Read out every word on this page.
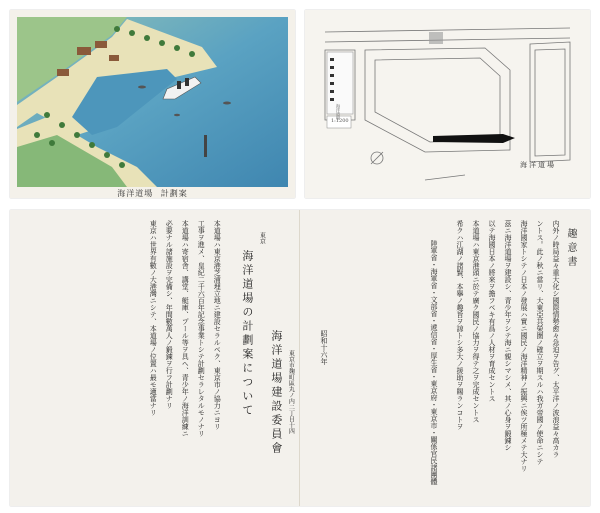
海洋道場 計劃案
1:1200
海洋道場
海洋道場
趣意書
内外ノ時局益々重大化シ國際情勢愈々急迫ヲ告グ、太平洋ノ波浪益々高カラ
ントス。此ノ秋ニ當リ、大東亞共榮圏ノ確立ヲ期スルハ我ガ帝國ノ使命ニシテ
海洋國家トシテノ日本ノ發展ハ實ニ國民ノ海洋精神ノ振興ニ俟ツ所極メテ大ナリ
茲ニ海洋道場ヲ建設シ、青少年ヲシテ海ニ親シマシメ、其ノ心身ヲ鍛錬シ
以テ海國日本ノ將來ヲ擔フベキ有爲ノ人材ヲ育成セントス
本道場ハ東京港頭ニ於テ廣ク國民ノ協力ヲ得テ之ヲ完成セントス
希クハ江湖ノ諸賢、本擧ノ趣旨ヲ諒トシ多大ノ援助ヲ賜ランコトヲ
陸軍省・海軍省・文部省・遞信省・厚生省・東京府・東京市・關係官民諸團體
昭和十六年
東京
海洋道場の計劃案について
本道場ハ東京港芝浦埋立地ニ建設セラルベク、東京市ノ協力ニヨリ
工事ヲ進メ、皇紀二千六百年記念事業トシテ計劃セラレタルモノナリ
本道場ハ寄宿舎、講堂、艇庫、プール等ヲ具ヘ、青少年ノ海洋訓練ニ
必要ナル諸施設ヲ完備シ、年間數萬人ノ鍛錬ヲ行フ計劃ナリ
東京ハ世界有數ノ大港灣ニシテ、本道場ノ位置ハ最モ適當ナリ	海洋道場建設委員會 東京市麹町區丸ノ内二丁目十四
